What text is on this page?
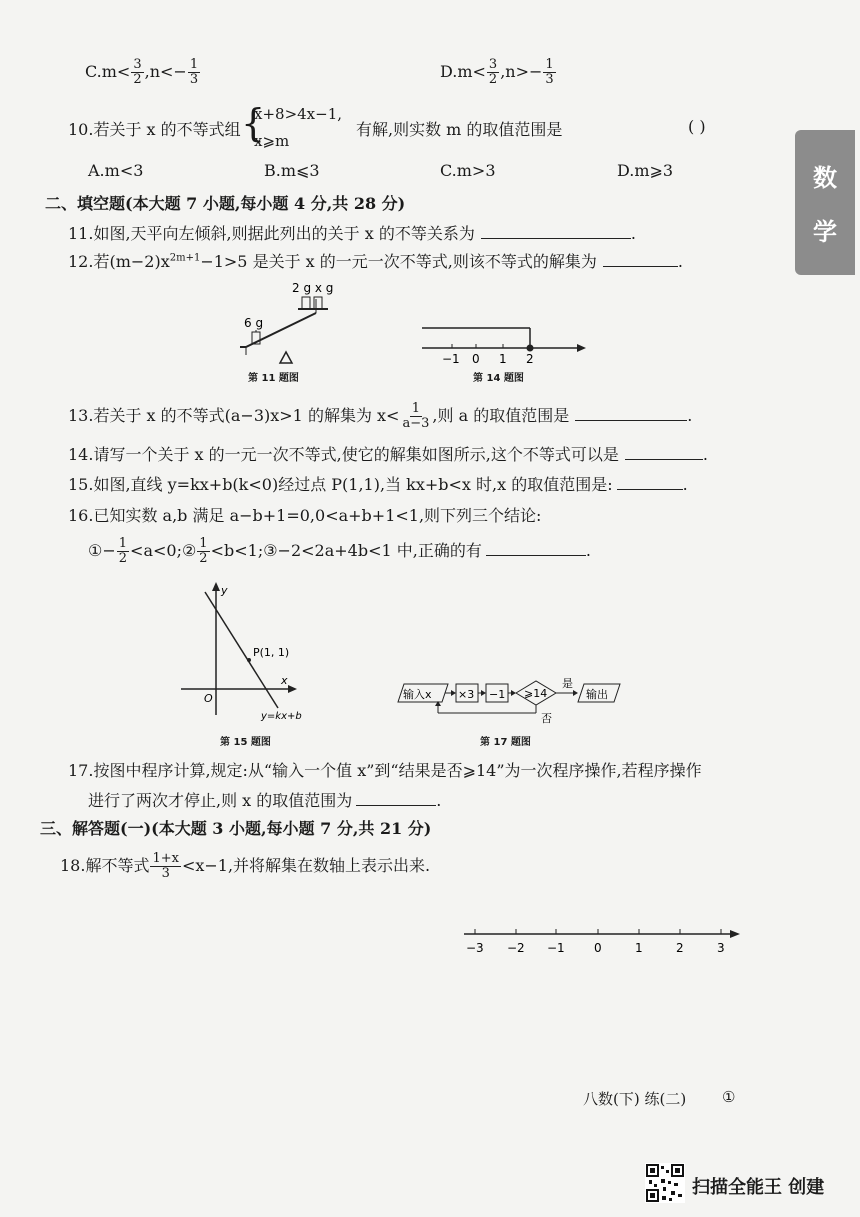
数
学
$C.m< \frac{3}{2} ,n<- \frac{1}{3}$	$D.m< \frac{3}{2} ,n>- \frac{1}{3}$
10.若关于 x 的不等式组 {
x+8>4x−1,
x⩾m
有解,则实数 m 的取值范围是	( )
A.m<3	B.m⩽3	C.m>3	D.m⩾3
二、填空题(本大题 7 小题,每小题 4 分,共 28 分)
11.如图,天平向左倾斜,则据此列出的关于 x 的不等关系为	.
12.若$(m-2)x^{2m+1}-1>5$ 是关于 x 的一元一次不等式,则该不等式的解集为	.
2 g x g
6 g
第 11 题图
−1 0 1 2
第 14 题图
13.若关于 x 的不等式(a−3)x>1 的解集为 $x< \frac{1}{a-3}$ ,则 a 的取值范围是	.
14.请写一个关于 x 的一元一次不等式,使它的解集如图所示,这个不等式可以是	.
15.如图,直线 y=kx+b(k<0)经过点 P(1,1),当 kx+b<x 时,x 的取值范围是:	.
16.已知实数 a,b 满足 a−b+1=0,0<a+b+1<1,则下列三个结论:
①− $\frac{1}{2}$ <a<0;② $\frac{1}{2}$ <b<1;③−2<2a+4b<1 中,正确的有	.
y
x
O
P(1, 1)
y=kx+b
第 15 题图
输入x ×3 −1 ⩾14
是
输出
否
第 17 题图
17.按图中程序计算,规定:从“输入一个值 x”到“结果是否⩾14”为一次程序操作,若程序操作
进行了两次才停止,则 x 的取值范围为	.
三、解答题(一)(本大题 3 小题,每小题 7 分,共 21 分)
18.解不等式 $\frac{1+x}{3} <x-1$,并将解集在数轴上表示出来.
−3 −2 −1 0	1	2	3
八数(下) 练(二) ①
扫描全能王 创建
